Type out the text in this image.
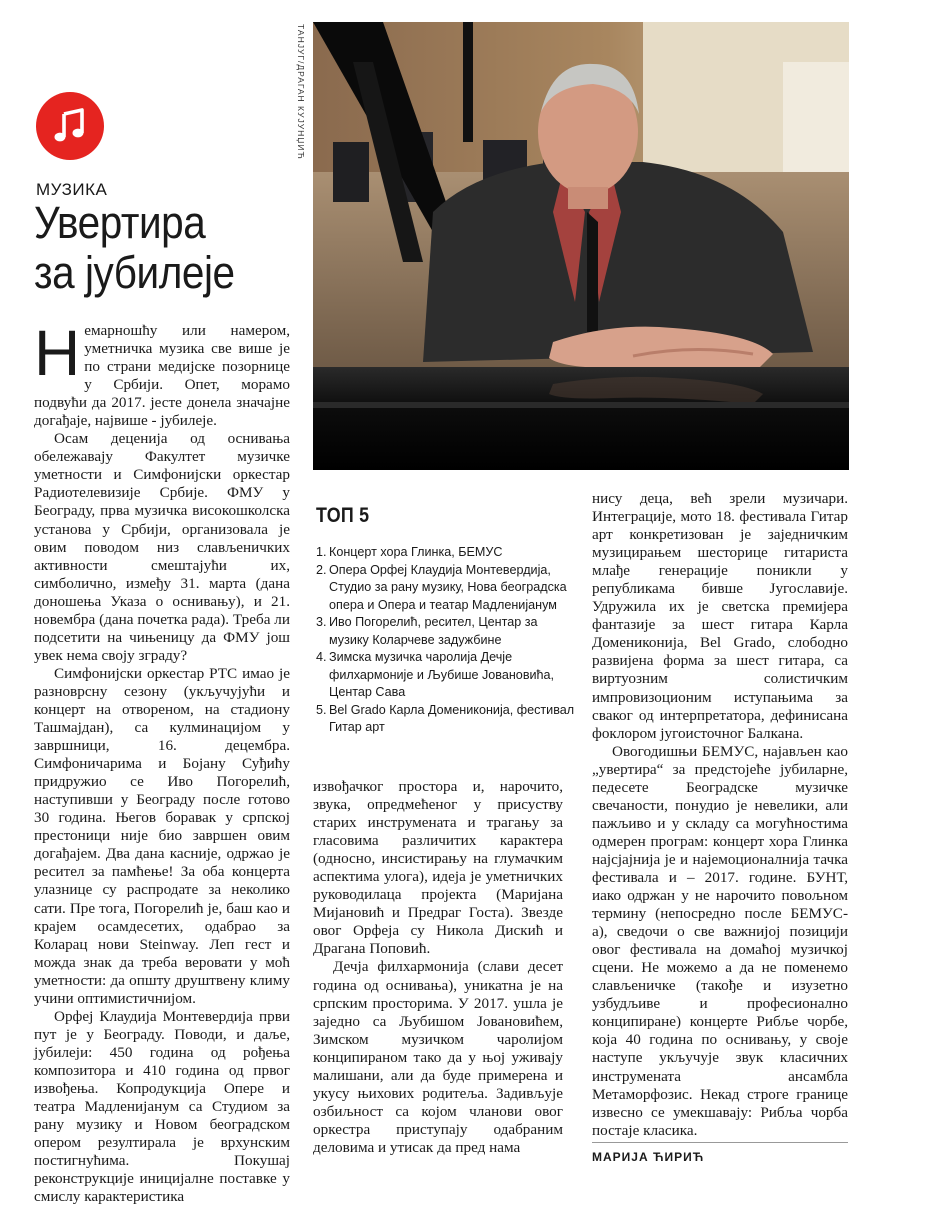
МУЗИКА
Увертира
за јубилеје
ТАНЈУГ/ДРАГАН КУЈУНЏИЋ

Немарношћу или намером, уметничка музика све више је по страни медијске позорнице у Србији. Опет, морамо подвући да 2017. јесте донела значајне догађаје, највише - јубилеје.

Осам деценија од оснивања обележавају Факултет музичке уметности и Симфонијски оркестар Радиотелевизије Србије. ФМУ у Београду, прва музичка високошколска установа у Србији, организовала је овим поводом низ слављеничких активности смештајући их, симболично, између 31. марта (дана доношења Указа о оснивању), и 21. новембра (дана почетка рада). Треба ли подсетити на чињеницу да ФМУ још увек нема своју зграду?

Симфонијски оркестар РТС имао је разноврсну сезону (укључујући и концерт на отвореном, на стадиону Ташмајдан), са кулминацијом у завршници, 16. децембра. Симфоничарима и Бојану Суђићу придружио се Иво Погорелић, наступивши у Београду после готово 30 година. Његов боравак у српској престоници није био завршен овим догађајем. Два дана касније, одржао је ресител за памћење! За оба концерта улазнице су распродате за неколико сати. Пре тога, Погорелић је, баш као и крајем осамдесетих, одабрао за Коларац нови Steinway. Леп гест и можда знак да треба веровати у моћ уметности: да општу друштвену климу учини оптимистичнијом.

Орфеј Клаудија Монтевердија први пут је у Београду. Поводи, и даље, јубилеји: 450 година од рођења композитора и 410 година од првог извођења. Копродукција Опере и театра Мадленијанум са Студиом за рану музику и Новом београдском опером резултирала је врхунским постигнућима. Покушај реконструкције иницијалне поставке у смислу карактеристика

ТОП 5
1. Концерт хора Глинка, БЕМУС
2. Опера Орфеј Клаудија Монтевердија, Студио за рану музику, Нова београдска опера и Опера и театар Мадленијанум
3. Иво Погорелић, ресител, Центар за музику Коларчеве задужбине
4. Зимска музичка чаролија Дечје филхармоније и Љубише Јовановића, Центар Сава
5. Bel Grado Карла Домениконија, фестивал Гитар арт

извођачког простора и, нарочито, звука, опредмећеног у присуству старих инструмената и трагању за гласовима различитих карактера (односно, инсистирању на глумачким аспектима улога), идеја је уметничких руководилаца пројекта (Маријана Мијановић и Предраг Госта). Звезде овог Орфеја су Никола Дискић и Драгана Поповић.

Дечја филхармонија (слави десет година од оснивања), уникатна је на српским просторима. У 2017. ушла је заједно са Љубишом Јовановићем, Зимском музичком чаролијом конципираном тако да у њој уживају малишани, али да буде примерена и укусу њихових родитеља. Задивљује озбиљност са којом чланови овог оркестра приступају одабраним деловима и утисак да пред нама

нису деца, већ зрели музичари. Интеграције, мото 18. фестивала Гитар арт конкретизован је заједничким музицирањем шесторице гитариста млађе генерације поникли у републикама бивше Југославије. Удружила их је светска премијера фантазије за шест гитара Карла Домениконија, Bel Grado, слободно развијена форма за шест гитара, са виртуозним солистичким импровизоционим иступањима за сваког од интерпретатора, дефинисана фоклором југоисточног Балкана.

Овогодишњи БЕМУС, најављен као „увертира“ за предстојеће јубиларне, педесете Београдске музичке свечаности, понудио је невелики, али пажљиво и у складу са могућностима одмерен програм: концерт хора Глинка најсјајнија је и најемоционалнија тачка фестивала и – 2017. године. БУНТ, иако одржан у не нарочито повољном термину (непосредно после БЕМУС-а), сведочи о све важнијој позицији овог фестивала на домаћој музичкој сцени. Не можемо а да не поменемо слављеничке (такође и изузетно узбудљиве и професионално конципиране) концерте Рибље чорбе, која 40 година по оснивању, у своје наступе укључује звук класичних инструмената ансамбла Метаморфозис. Некад строге границе извесно се умекшавају: Рибља чорба постаје класика.

МАРИЈА ЋИРИЋ
